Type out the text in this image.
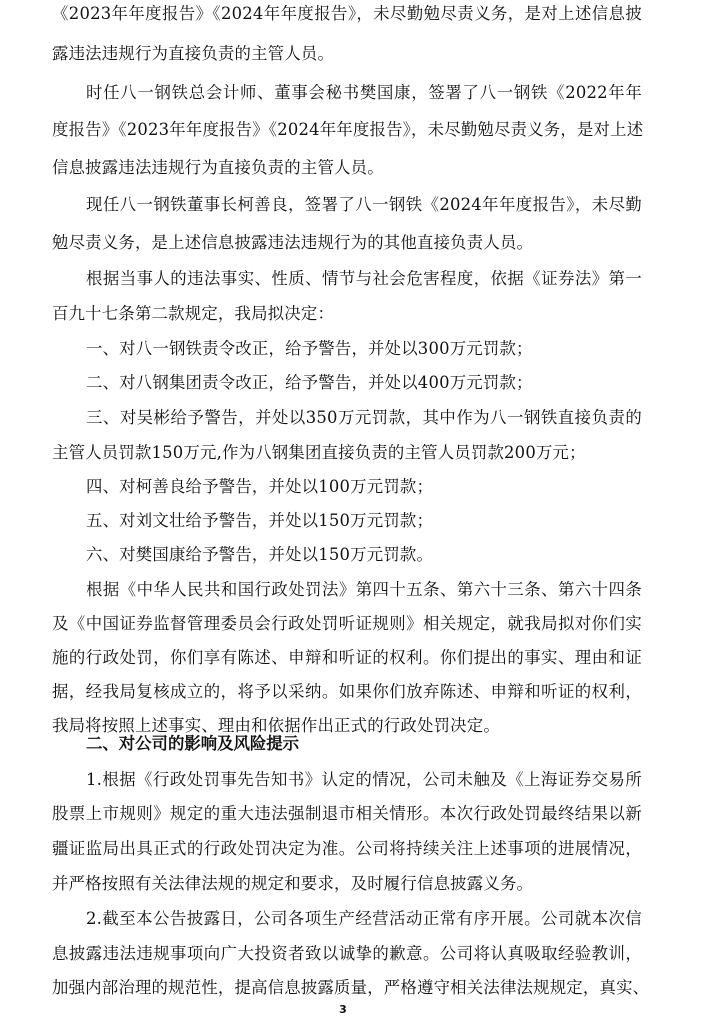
《2023年年度报告》《2024年年度报告》，未尽勤勉尽责义务，是对上述信息披
露违法违规行为直接负责的主管人员。
时任八一钢铁总会计师、董事会秘书樊国康，签署了八一钢铁《2022年年
度报告》《2023年年度报告》《2024年年度报告》，未尽勤勉尽责义务，是对上述
信息披露违法违规行为直接负责的主管人员。
现任八一钢铁董事长柯善良，签署了八一钢铁《2024年年度报告》，未尽勤
勉尽责义务，是上述信息披露违法违规行为的其他直接负责人员。
根据当事人的违法事实、性质、情节与社会危害程度，依据《证券法》第一
百九十七条第二款规定，我局拟决定：
一、对八一钢铁责令改正，给予警告，并处以300万元罚款；
二、对八钢集团责令改正，给予警告，并处以400万元罚款；
三、对吴彬给予警告，并处以350万元罚款，其中作为八一钢铁直接负责的
主管人员罚款150万元,作为八钢集团直接负责的主管人员罚款200万元；
四、对柯善良给予警告，并处以100万元罚款；
五、对刘文壮给予警告，并处以150万元罚款；
六、对樊国康给予警告，并处以150万元罚款。
根据《中华人民共和国行政处罚法》第四十五条、第六十三条、第六十四条
及《中国证券监督管理委员会行政处罚听证规则》相关规定，就我局拟对你们实
施的行政处罚，你们享有陈述、申辩和听证的权利。你们提出的事实、理由和证
据，经我局复核成立的，将予以采纳。如果你们放弃陈述、申辩和听证的权利，
我局将按照上述事实、理由和依据作出正式的行政处罚决定。
二、对公司的影响及风险提示
1.根据《行政处罚事先告知书》认定的情况，公司未触及《上海证券交易所
股票上市规则》规定的重大违法强制退市相关情形。本次行政处罚最终结果以新
疆证监局出具正式的行政处罚决定为准。公司将持续关注上述事项的进展情况，
并严格按照有关法律法规的规定和要求，及时履行信息披露义务。
2.截至本公告披露日，公司各项生产经营活动正常有序开展。公司就本次信
息披露违法违规事项向广大投资者致以诚挚的歉意。公司将认真吸取经验教训，
加强内部治理的规范性，提高信息披露质量，严格遵守相关法律法规规定，真实、
3
